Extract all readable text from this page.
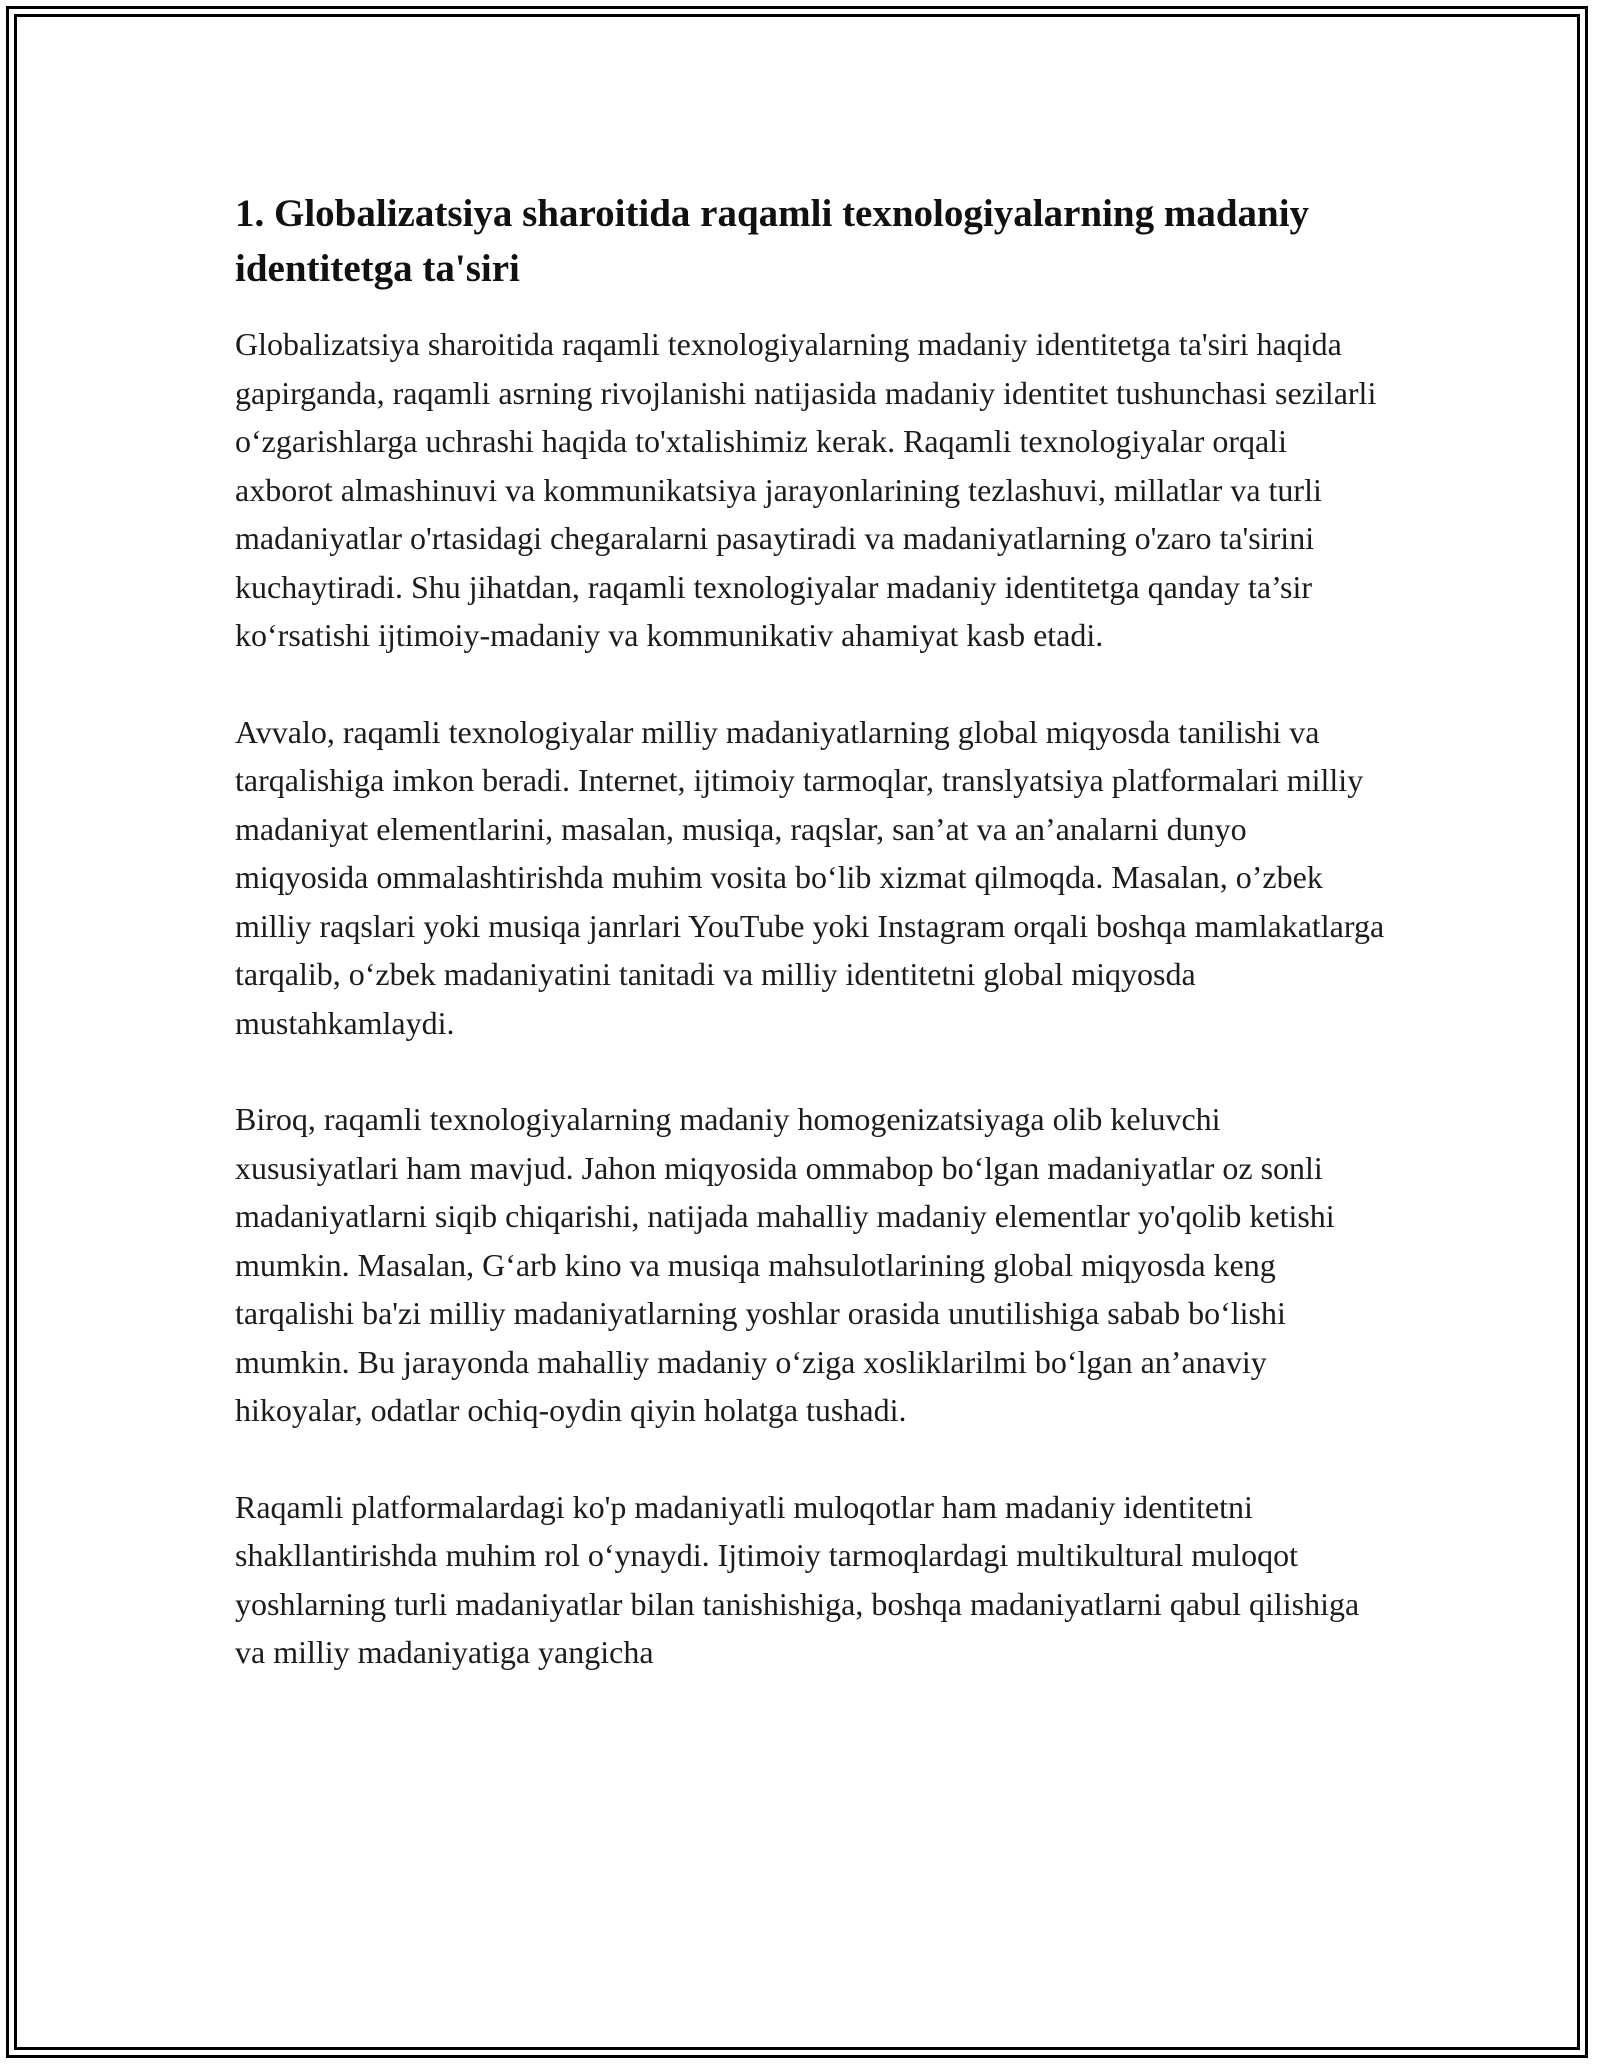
1. Globalizatsiya sharoitida raqamli texnologiyalarning madaniy identitetga ta'siri

Globalizatsiya sharoitida raqamli texnologiyalarning madaniy identitetga ta'siri haqida gapirganda, raqamli asrning rivojlanishi natijasida madaniy identitet tushunchasi sezilarli o‘zgarishlarga uchrashi haqida to'xtalishimiz kerak. Raqamli texnologiyalar orqali axborot almashinuvi va kommunikatsiya jarayonlarining tezlashuvi, millatlar va turli madaniyatlar o'rtasidagi chegaralarni pasaytiradi va madaniyatlarning o'zaro ta'sirini kuchaytiradi. Shu jihatdan, raqamli texnologiyalar madaniy identitetga qanday ta’sir ko‘rsatishi ijtimoiy-madaniy va kommunikativ ahamiyat kasb etadi.

Avvalo, raqamli texnologiyalar milliy madaniyatlarning global miqyosda tanilishi va tarqalishiga imkon beradi. Internet, ijtimoiy tarmoqlar, translyatsiya platformalari milliy madaniyat elementlarini, masalan, musiqa, raqslar, san’at va an’analarni dunyo miqyosida ommalashtirishda muhim vosita bo‘lib xizmat qilmoqda. Masalan, o’zbek milliy raqslari yoki musiqa janrlari YouTube yoki Instagram orqali boshqa mamlakatlarga tarqalib, o‘zbek madaniyatini tanitadi va milliy identitetni global miqyosda mustahkamlaydi.

Biroq, raqamli texnologiyalarning madaniy homogenizatsiyaga olib keluvchi xususiyatlari ham mavjud. Jahon miqyosida ommabop bo‘lgan madaniyatlar oz sonli madaniyatlarni siqib chiqarishi, natijada mahalliy madaniy elementlar yo'qolib ketishi mumkin. Masalan, G‘arb kino va musiqa mahsulotlarining global miqyosda keng tarqalishi ba'zi milliy madaniyatlarning yoshlar orasida unutilishiga sabab bo‘lishi mumkin. Bu jarayonda mahalliy madaniy o‘ziga xosliklarilmi bo‘lgan an’anaviy hikoyalar, odatlar ochiq-oydin qiyin holatga tushadi.

Raqamli platformalardagi ko'p madaniyatli muloqotlar ham madaniy identitetni shakllantirishda muhim rol o‘ynaydi. Ijtimoiy tarmoqlardagi multikultural muloqot yoshlarning turli madaniyatlar bilan tanishishiga, boshqa madaniyatlarni qabul qilishiga va milliy madaniyatiga yangicha
